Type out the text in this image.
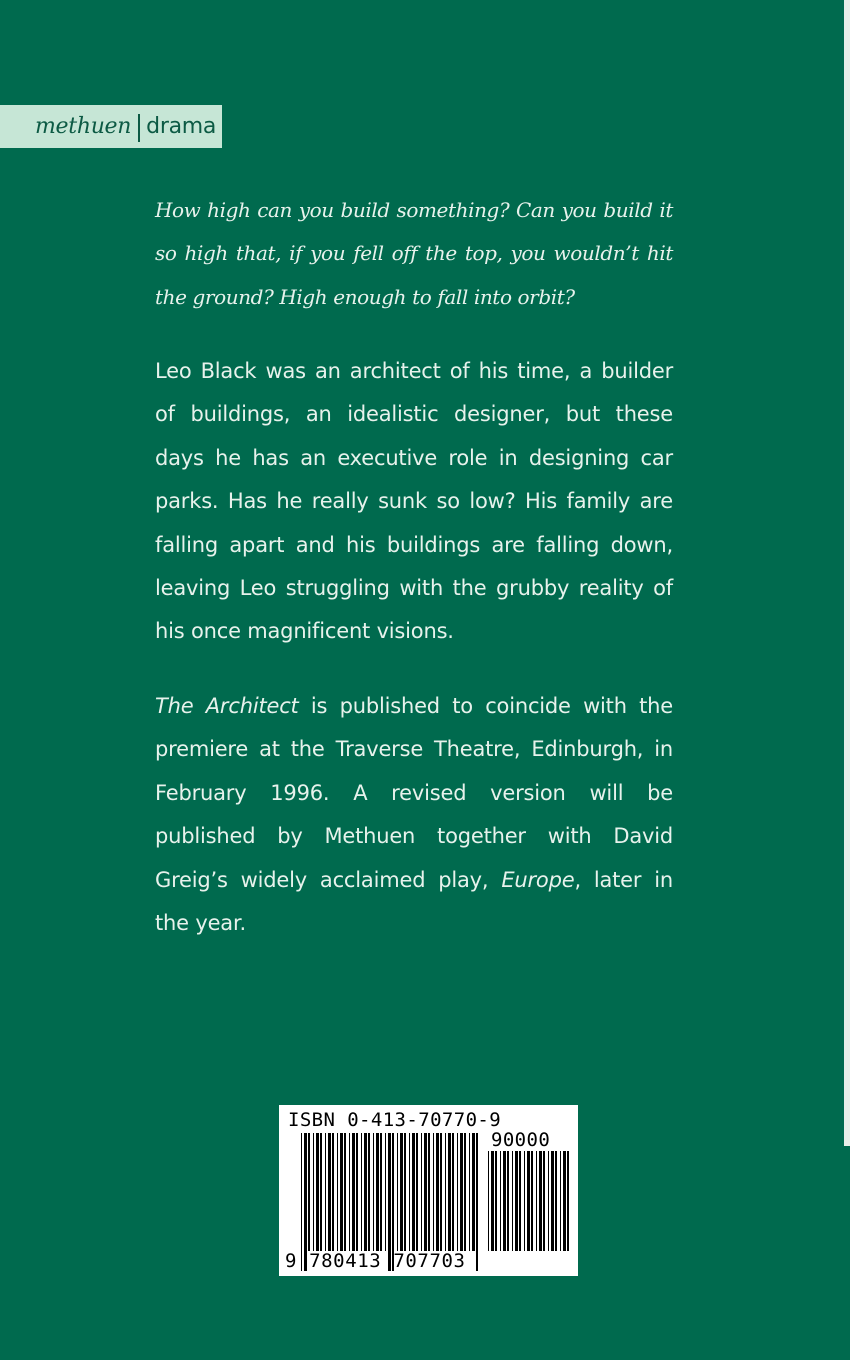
methuen drama

How high can you build something? Can you build it so high that, if you fell off the top, you wouldn’t hit the ground? High enough to fall into orbit?

Leo Black was an architect of his time, a builder of buildings, an idealistic designer, but these days he has an executive role in designing car parks. Has he really sunk so low? His family are falling apart and his buildings are falling down, leaving Leo struggling with the grubby reality of his once magnificent visions.

The Architect is published to coincide with the premiere at the Traverse Theatre, Edinburgh, in February 1996. A revised version will be published by Methuen together with David Greig’s widely acclaimed play, Europe, later in the year.

ISBN 0-413-70770-9
90000
9 780413 707703
